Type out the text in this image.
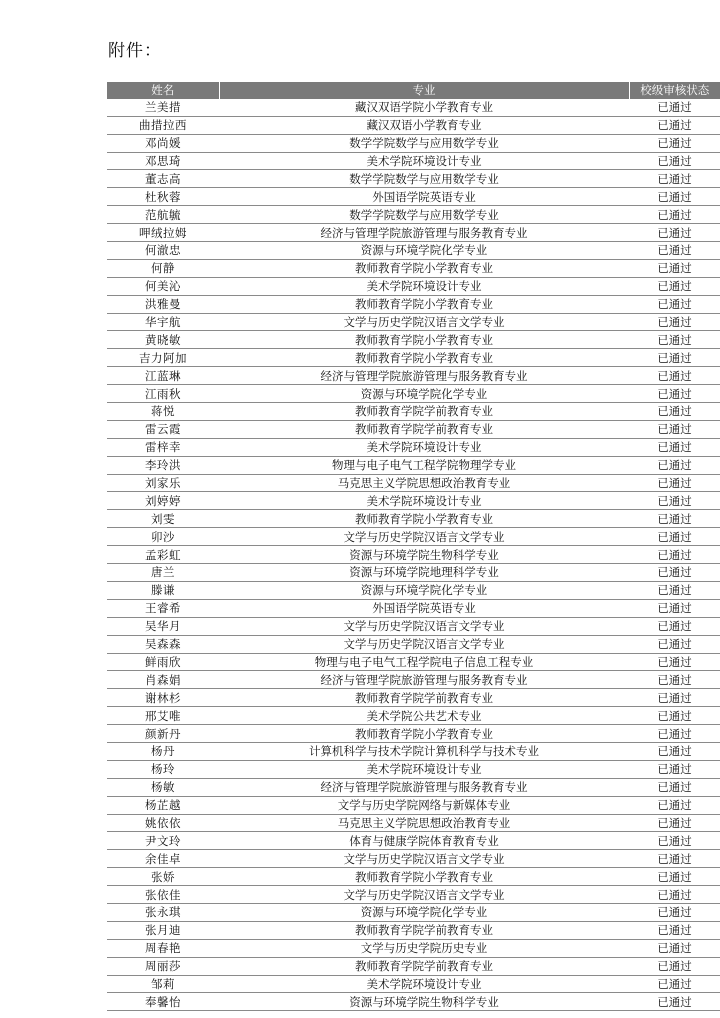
附件：
姓名	专业	校级审核状态
兰美措	藏汉双语学院小学教育专业	已通过
曲措拉西	藏汉双语小学教育专业	已通过
邓尚媛	数学学院数学与应用数学专业	已通过
邓思琦	美术学院环境设计专业	已通过
董志高	数学学院数学与应用数学专业	已通过
杜秋蓉	外国语学院英语专业	已通过
范航毓	数学学院数学与应用数学专业	已通过
呷绒拉姆	经济与管理学院旅游管理与服务教育专业	已通过
何澈忠	资源与环境学院化学专业	已通过
何静	教师教育学院小学教育专业	已通过
何美沁	美术学院环境设计专业	已通过
洪雅曼	教师教育学院小学教育专业	已通过
华宇航	文学与历史学院汉语言文学专业	已通过
黄晓敏	教师教育学院小学教育专业	已通过
吉力阿加	教师教育学院小学教育专业	已通过
江蓝琳	经济与管理学院旅游管理与服务教育专业	已通过
江雨秋	资源与环境学院化学专业	已通过
蒋悦	教师教育学院学前教育专业	已通过
雷云霞	教师教育学院学前教育专业	已通过
雷梓幸	美术学院环境设计专业	已通过
李玲洪	物理与电子电气工程学院物理学专业	已通过
刘家乐	马克思主义学院思想政治教育专业	已通过
刘婷婷	美术学院环境设计专业	已通过
刘雯	教师教育学院小学教育专业	已通过
卯沙	文学与历史学院汉语言文学专业	已通过
孟彩虹	资源与环境学院生物科学专业	已通过
唐兰	资源与环境学院地理科学专业	已通过
滕谦	资源与环境学院化学专业	已通过
王睿希	外国语学院英语专业	已通过
吴华月	文学与历史学院汉语言文学专业	已通过
吴森森	文学与历史学院汉语言文学专业	已通过
鲜雨欣	物理与电子电气工程学院电子信息工程专业	已通过
肖森娟	经济与管理学院旅游管理与服务教育专业	已通过
谢林杉	教师教育学院学前教育专业	已通过
邢艾唯	美术学院公共艺术专业	已通过
颜新丹	教师教育学院小学教育专业	已通过
杨丹	计算机科学与技术学院计算机科学与技术专业	已通过
杨玲	美术学院环境设计专业	已通过
杨敏	经济与管理学院旅游管理与服务教育专业	已通过
杨芷越	文学与历史学院网络与新媒体专业	已通过
姚依依	马克思主义学院思想政治教育专业	已通过
尹文玲	体育与健康学院体育教育专业	已通过
余佳卓	文学与历史学院汉语言文学专业	已通过
张娇	教师教育学院小学教育专业	已通过
张依佳	文学与历史学院汉语言文学专业	已通过
张永琪	资源与环境学院化学专业	已通过
张月迪	教师教育学院学前教育专业	已通过
周春艳	文学与历史学院历史专业	已通过
周丽莎	教师教育学院学前教育专业	已通过
邹莉	美术学院环境设计专业	已通过
奉馨怡	资源与环境学院生物科学专业	已通过
